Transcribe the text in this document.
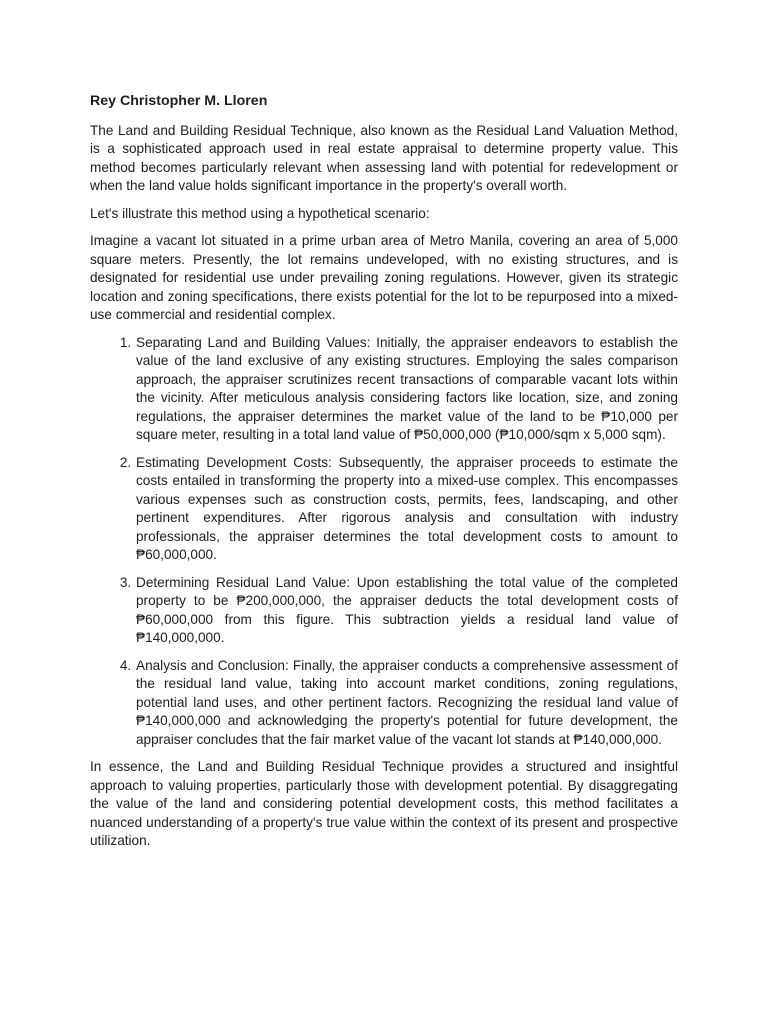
Rey Christopher M. Lloren

The Land and Building Residual Technique, also known as the Residual Land Valuation Method, is a sophisticated approach used in real estate appraisal to determine property value. This method becomes particularly relevant when assessing land with potential for redevelopment or when the land value holds significant importance in the property's overall worth.

Let's illustrate this method using a hypothetical scenario:

Imagine a vacant lot situated in a prime urban area of Metro Manila, covering an area of 5,000 square meters. Presently, the lot remains undeveloped, with no existing structures, and is designated for residential use under prevailing zoning regulations. However, given its strategic location and zoning specifications, there exists potential for the lot to be repurposed into a mixed-use commercial and residential complex.

1. Separating Land and Building Values: Initially, the appraiser endeavors to establish the value of the land exclusive of any existing structures. Employing the sales comparison approach, the appraiser scrutinizes recent transactions of comparable vacant lots within the vicinity. After meticulous analysis considering factors like location, size, and zoning regulations, the appraiser determines the market value of the land to be ₱10,000 per square meter, resulting in a total land value of ₱50,000,000 (₱10,000/sqm x 5,000 sqm).
2. Estimating Development Costs: Subsequently, the appraiser proceeds to estimate the costs entailed in transforming the property into a mixed-use complex. This encompasses various expenses such as construction costs, permits, fees, landscaping, and other pertinent expenditures. After rigorous analysis and consultation with industry professionals, the appraiser determines the total development costs to amount to ₱60,000,000.
3. Determining Residual Land Value: Upon establishing the total value of the completed property to be ₱200,000,000, the appraiser deducts the total development costs of ₱60,000,000 from this figure. This subtraction yields a residual land value of ₱140,000,000.
4. Analysis and Conclusion: Finally, the appraiser conducts a comprehensive assessment of the residual land value, taking into account market conditions, zoning regulations, potential land uses, and other pertinent factors. Recognizing the residual land value of ₱140,000,000 and acknowledging the property's potential for future development, the appraiser concludes that the fair market value of the vacant lot stands at ₱140,000,000.

In essence, the Land and Building Residual Technique provides a structured and insightful approach to valuing properties, particularly those with development potential. By disaggregating the value of the land and considering potential development costs, this method facilitates a nuanced understanding of a property's true value within the context of its present and prospective utilization.
